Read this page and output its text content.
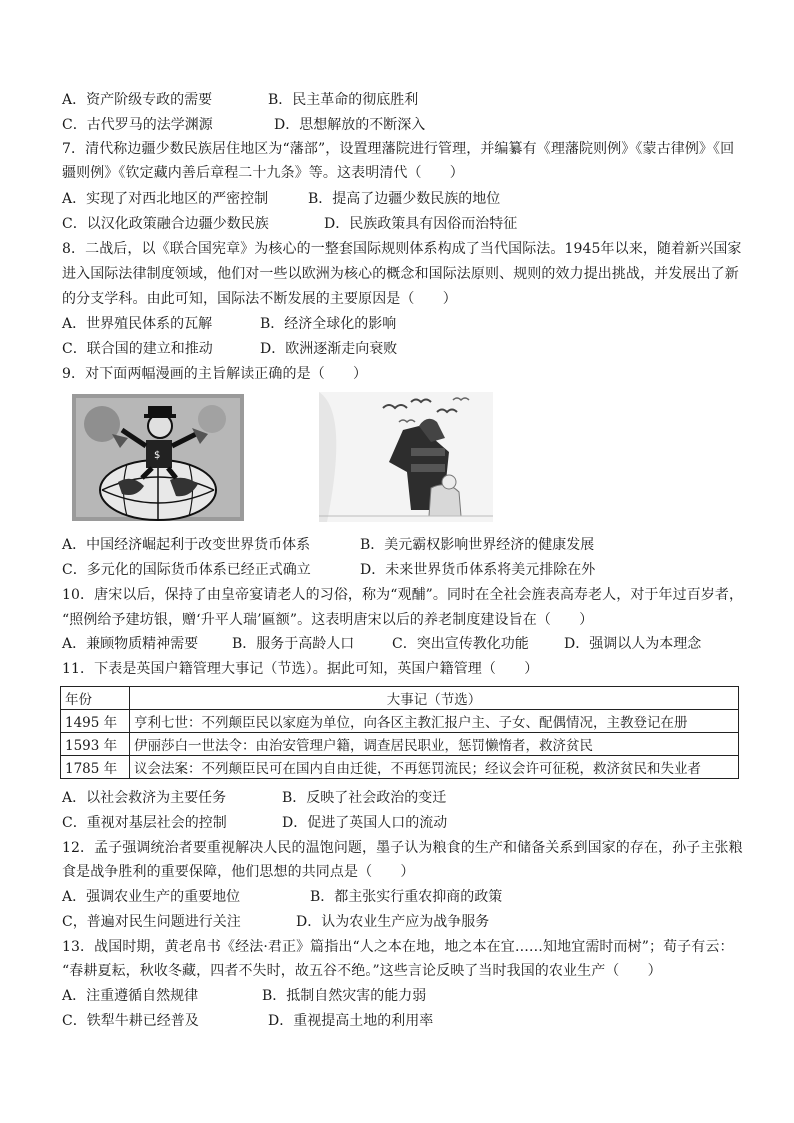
A．资产阶级专政的需要	B．民主革命的彻底胜利
C．古代罗马的法学渊源	D．思想解放的不断深入
7．清代称边疆少数民族居住地区为“藩部”，设置理藩院进行管理，并编纂有《理藩院则例》《蒙古律例》《回
疆则例》《钦定藏内善后章程二十九条》等。这表明清代（　　）
A．实现了对西北地区的严密控制	B．提高了边疆少数民族的地位
C．以汉化政策融合边疆少数民族	D．民族政策具有因俗而治特征
8．二战后，以《联合国宪章》为核心的一整套国际规则体系构成了当代国际法。1945年以来，随着新兴国家
进入国际法律制度领域，他们对一些以欧洲为核心的概念和国际法原则、规则的效力提出挑战，并发展出了新
的分支学科。由此可知，国际法不断发展的主要原因是（　　）
A．世界殖民体系的瓦解	B．经济全球化的影响
C．联合国的建立和推动	D．欧洲逐渐走向衰败
9．对下面两幅漫画的主旨解读正确的是（　　）
$
A．中国经济崛起利于改变世界货币体系	B．美元霸权影响世界经济的健康发展
C．多元化的国际货币体系已经正式确立	D．未来世界货币体系将美元排除在外
10．唐宋以后，保持了由皇帝宴请老人的习俗，称为“观酺”。同时在全社会旌表高寿老人，对于年过百岁者，
“照例给予建坊银，赠‘升平人瑞’匾额”。这表明唐宋以后的养老制度建设旨在（　　）
A．兼顾物质精神需要 B．服务于高龄人口	C．突出宣传教化功能	D．强调以人为本理念
11．下表是英国户籍管理大事记（节选）。据此可知，英国户籍管理（　　）
年份	大事记（节选）
1495 年	亨利七世：不列颠臣民以家庭为单位，向各区主教汇报户主、子女、配偶情况，主教登记在册
1593 年	伊丽莎白一世法令：由治安管理户籍，调查居民职业，惩罚懒惰者，救济贫民
1785 年	议会法案：不列颠臣民可在国内自由迁徙，不再惩罚流民；经议会许可征税，救济贫民和失业者
A．以社会救济为主要任务	B．反映了社会政治的变迁
C．重视对基层社会的控制	D．促进了英国人口的流动
12．孟子强调统治者要重视解决人民的温饱问题，墨子认为粮食的生产和储备关系到国家的存在，孙子主张粮
食是战争胜利的重要保障，他们思想的共同点是（　　）
A．强调农业生产的重要地位	B．都主张实行重农抑商的政策
C，普遍对民生问题进行关注	D．认为农业生产应为战争服务
13．战国时期，黄老帛书《经法·君正》篇指出“人之本在地，地之本在宜……知地宜需时而树”；荀子有云：
“春耕夏耘，秋收冬藏，四者不失时，故五谷不绝。”这些言论反映了当时我国的农业生产（　　）
A．注重遵循自然规律	B．抵制自然灾害的能力弱
C．铁犁牛耕已经普及	D．重视提高土地的利用率
